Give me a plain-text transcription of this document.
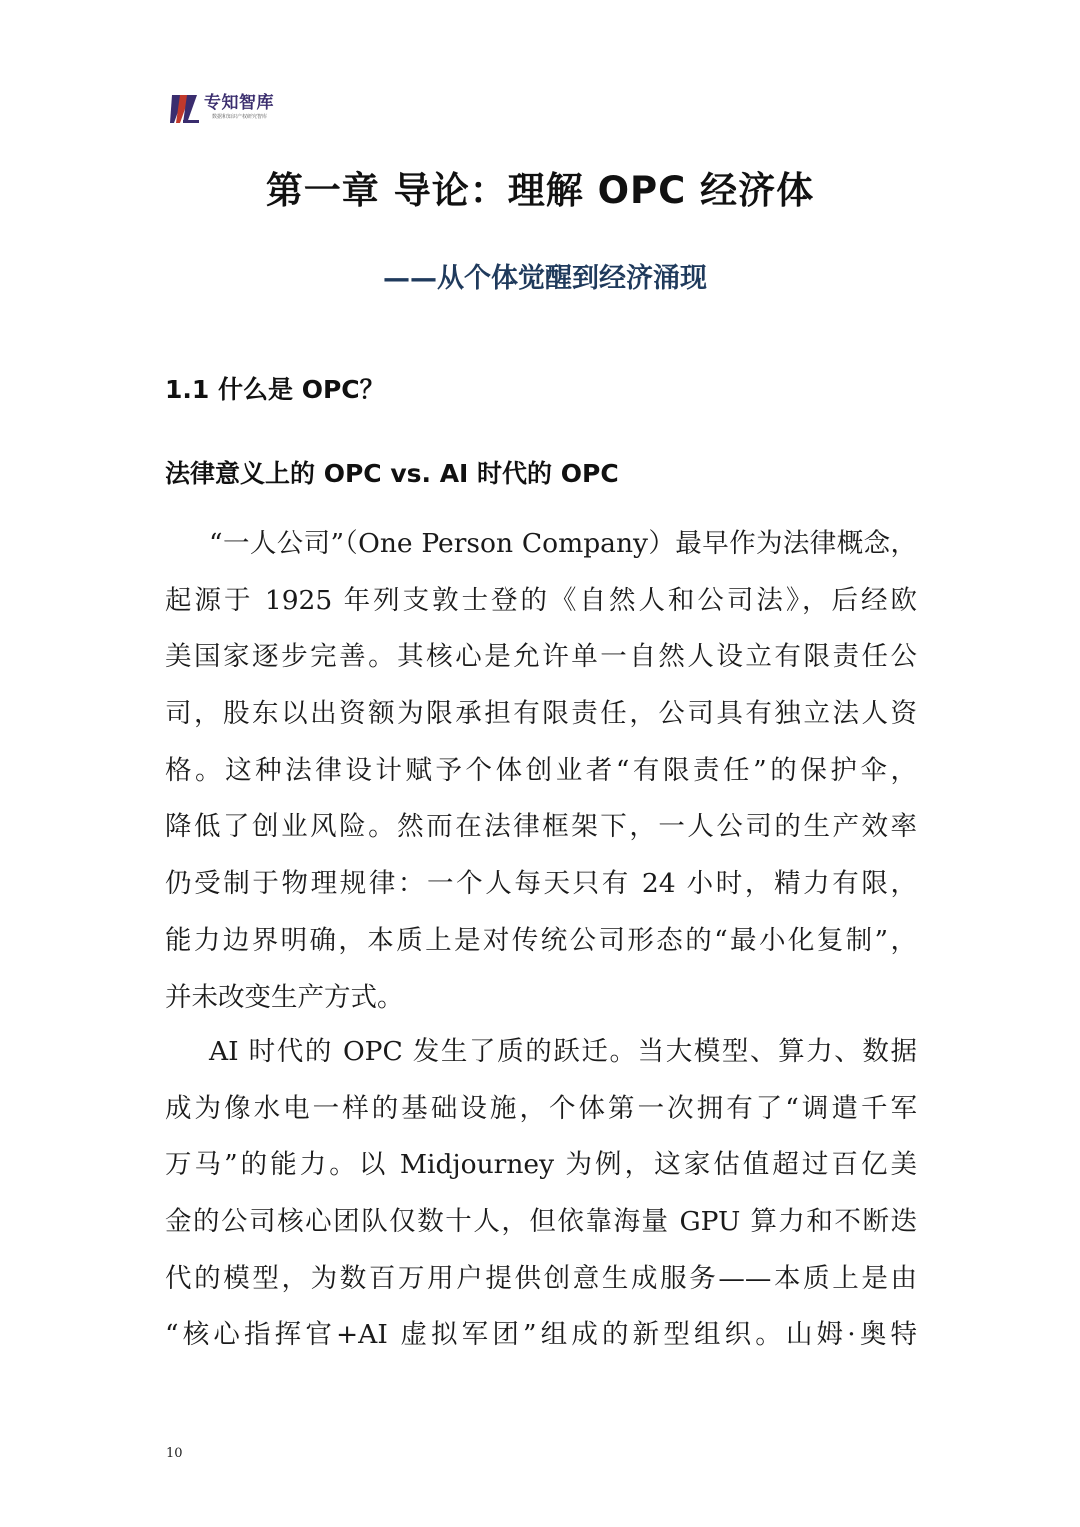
专知智库
数据和知识产权研究智库
第一章 导论：理解 OPC 经济体
——从个体觉醒到经济涌现
1.1 什么是 OPC？
法律意义上的 OPC vs. AI 时代的 OPC

“一人公司”（One Person Company）最早作为法律概念，
起源于 1925 年列支敦士登的《自然人和公司法》，后经欧
美国家逐步完善。其核心是允许单一自然人设立有限责任公
司，股东以出资额为限承担有限责任，公司具有独立法人资
格。这种法律设计赋予个体创业者“有限责任”的保护伞，
降低了创业风险。然而在法律框架下，一人公司的生产效率
仍受制于物理规律：一个人每天只有 24 小时，精力有限，
能力边界明确，本质上是对传统公司形态的“最小化复制”，
并未改变生产方式。

AI 时代的 OPC 发生了质的跃迁。当大模型、算力、数据
成为像水电一样的基础设施，个体第一次拥有了“调遣千军
万马”的能力。以 Midjourney 为例，这家估值超过百亿美
金的公司核心团队仅数十人，但依靠海量 GPU 算力和不断迭
代的模型，为数百万用户提供创意生成服务——本质上是由
“核心指挥官+AI 虚拟军团”组成的新型组织。山姆·奥特

10
